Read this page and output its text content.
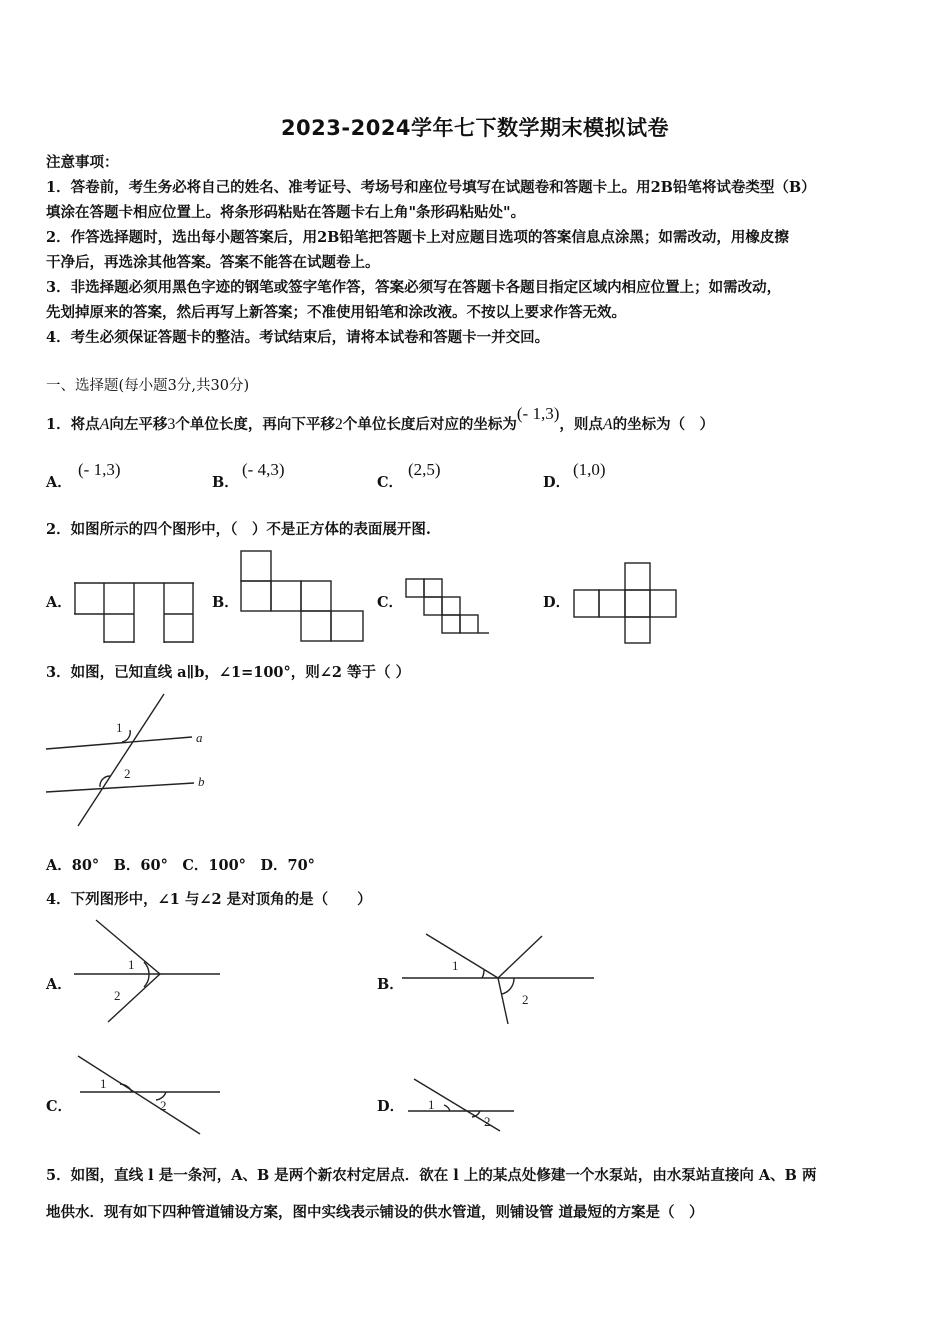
2023-2024学年七下数学期末模拟试卷
注意事项：
1．答卷前，考生务必将自己的姓名、准考证号、考场号和座位号填写在试题卷和答题卡上。用2B铅笔将试卷类型（B）
填涂在答题卡相应位置上。将条形码粘贴在答题卡右上角"条形码粘贴处"。
2．作答选择题时，选出每小题答案后，用2B铅笔把答题卡上对应题目选项的答案信息点涂黑；如需改动，用橡皮擦
干净后，再选涂其他答案。答案不能答在试题卷上。
3．非选择题必须用黑色字迹的钢笔或签字笔作答，答案必须写在答题卡各题目指定区域内相应位置上；如需改动，
先划掉原来的答案，然后再写上新答案；不准使用铅笔和涂改液。不按以上要求作答无效。
4．考生必须保证答题卡的整洁。考试结束后，请将本试卷和答题卡一并交回。
一、选择题(每小题3分,共30分)
1．将点A向左平移3个单位长度，再向下平移2个单位长度后对应的坐标为(- 1,3)，则点A的坐标为（　）
A．
(- 1,3)
B．
(- 4,3)
C．
(2,5)
D．
(1,0)
2．如图所示的四个图形中，（　）不是正方体的表面展开图.
A．	B．	C．	D．
3．如图，已知直线 a∥b，∠1=100°，则∠2 等于（ ）
1
2
a
b
A．80°　B．60°　C．100°　D．70°
4．下列图形中，∠1 与∠2 是对顶角的是（　　）
A．	B．
C．	D．
1
2
1
2
1
2	1
2
5．如图，直线 l 是一条河，A、B 是两个新农村定居点．欲在 l 上的某点处修建一个水泵站，由水泵站直接向 A、B 两
地供水．现有如下四种管道铺设方案，图中实线表示铺设的供水管道，则铺设管 道最短的方案是（　）
